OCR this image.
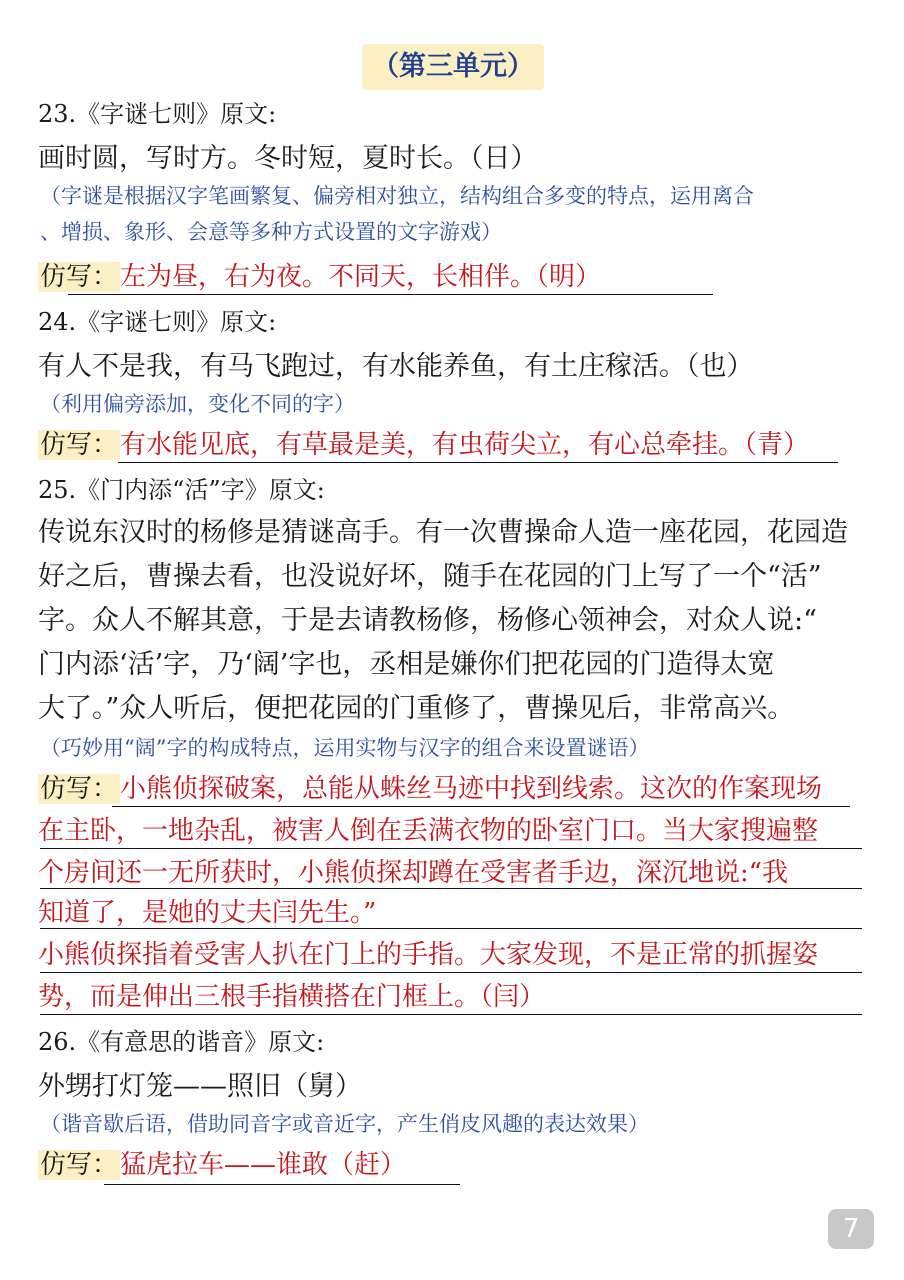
（第三单元）
23.《字谜七则》原文:
画时圆，写时方。冬时短，夏时长。（日）
（字谜是根据汉字笔画繁复、偏旁相对独立，结构组合多变的特点，运用离合
、增损、象形、会意等多种方式设置的文字游戏）
仿写：左为昼，右为夜。不同天，长相伴。（明）
24.《字谜七则》原文:
有人不是我，有马飞跑过，有水能养鱼，有土庄稼活。（也）
（利用偏旁添加，变化不同的字）
仿写：有水能见底，有草最是美，有虫荷尖立，有心总牵挂。（青）
25.《门内添“活”字》原文:
传说东汉时的杨修是猜谜高手。有一次曹操命人造一座花园，花园造
好之后，曹操去看，也没说好坏，随手在花园的门上写了一个“活”
字。众人不解其意，于是去请教杨修，杨修心领神会，对众人说:“
门内添‘活’字，乃‘阔’字也，丞相是嫌你们把花园的门造得太宽
大了。”众人听后，便把花园的门重修了，曹操见后，非常高兴。
（巧妙用“阔”字的构成特点，运用实物与汉字的组合来设置谜语）
仿写：小熊侦探破案，总能从蛛丝马迹中找到线索。这次的作案现场
在主卧，一地杂乱，被害人倒在丢满衣物的卧室门口。当大家搜遍整
个房间还一无所获时，小熊侦探却蹲在受害者手边，深沉地说:“我
知道了，是她的丈夫闫先生。”
小熊侦探指着受害人扒在门上的手指。大家发现，不是正常的抓握姿
势，而是伸出三根手指横搭在门框上。（闫）
26.《有意思的谐音》原文:
外甥打灯笼——照旧（舅）
（谐音歇后语，借助同音字或音近字，产生俏皮风趣的表达效果）
仿写：猛虎拉车——谁敢（赶）
7
